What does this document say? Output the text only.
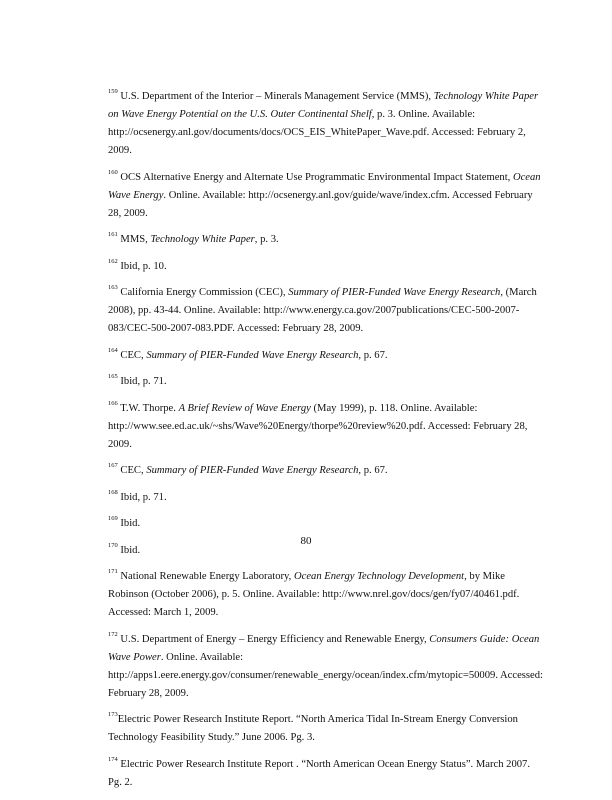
$^{159}$ U.S. Department of the Interior – Minerals Management Service (MMS), Technology White Paper on Wave Energy Potential on the U.S. Outer Continental Shelf, p. 3. Online. Available: http://ocsenergy.anl.gov/documents/docs/OCS_EIS_WhitePaper_Wave.pdf. Accessed: February 2, 2009.

$^{160}$ OCS Alternative Energy and Alternate Use Programmatic Environmental Impact Statement, Ocean Wave Energy. Online. Available: http://ocsenergy.anl.gov/guide/wave/index.cfm. Accessed February 28, 2009.

$^{161}$ MMS, Technology White Paper, p. 3.

$^{162}$ Ibid, p. 10.

$^{163}$ California Energy Commission (CEC), Summary of PIER-Funded Wave Energy Research, (March 2008), pp. 43-44. Online. Available: http://www.energy.ca.gov/2007publications/CEC-500-2007-083/CEC-500-2007-083.PDF. Accessed: February 28, 2009.

$^{164}$ CEC, Summary of PIER-Funded Wave Energy Research, p. 67.

$^{165}$ Ibid, p. 71.

$^{166}$ T.W. Thorpe. A Brief Review of Wave Energy (May 1999), p. 118. Online. Available: http://www.see.ed.ac.uk/~shs/Wave%20Energy/thorpe%20review%20.pdf. Accessed: February 28, 2009.

$^{167}$ CEC, Summary of PIER-Funded Wave Energy Research, p. 67.

$^{168}$ Ibid, p. 71.

$^{169}$ Ibid.

$^{170}$ Ibid.

$^{171}$ National Renewable Energy Laboratory, Ocean Energy Technology Development, by Mike Robinson (October 2006), p. 5. Online. Available: http://www.nrel.gov/docs/gen/fy07/40461.pdf. Accessed: March 1, 2009.

$^{172}$ U.S. Department of Energy – Energy Efficiency and Renewable Energy, Consumers Guide: Ocean Wave Power. Online. Available: http://apps1.eere.energy.gov/consumer/renewable_energy/ocean/index.cfm/mytopic=50009. Accessed: February 28, 2009.

$^{173}$Electric Power Research Institute Report. “North America Tidal In-Stream Energy Conversion Technology Feasibility Study.” June 2006. Pg. 3.

$^{174}$ Electric Power Research Institute Report . “North American Ocean Energy Status”. March 2007. Pg. 2.

80
